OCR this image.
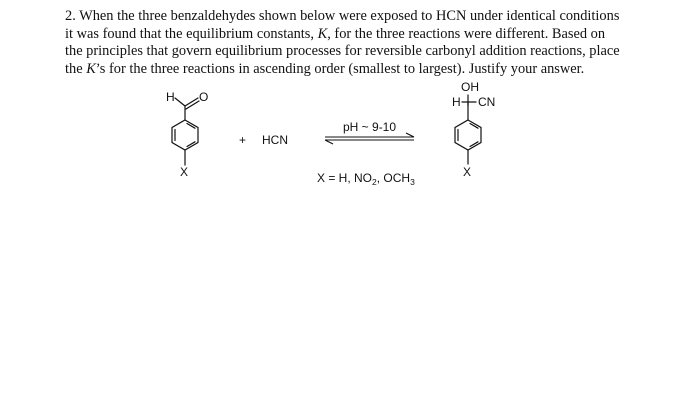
2. When the three benzaldehydes shown below were exposed to HCN under identical conditions
it was found that the equilibrium constants, K, for the three reactions were different. Based on
the principles that govern equilibrium processes for reversible carbonyl addition reactions, place
the K’s for the three reactions in ascending order (smallest to largest). Justify your answer.

H O
X
+ HCN
pH ~ 9-10
X = H, $NO_2$, $OCH_3$
OH
H CN
X
